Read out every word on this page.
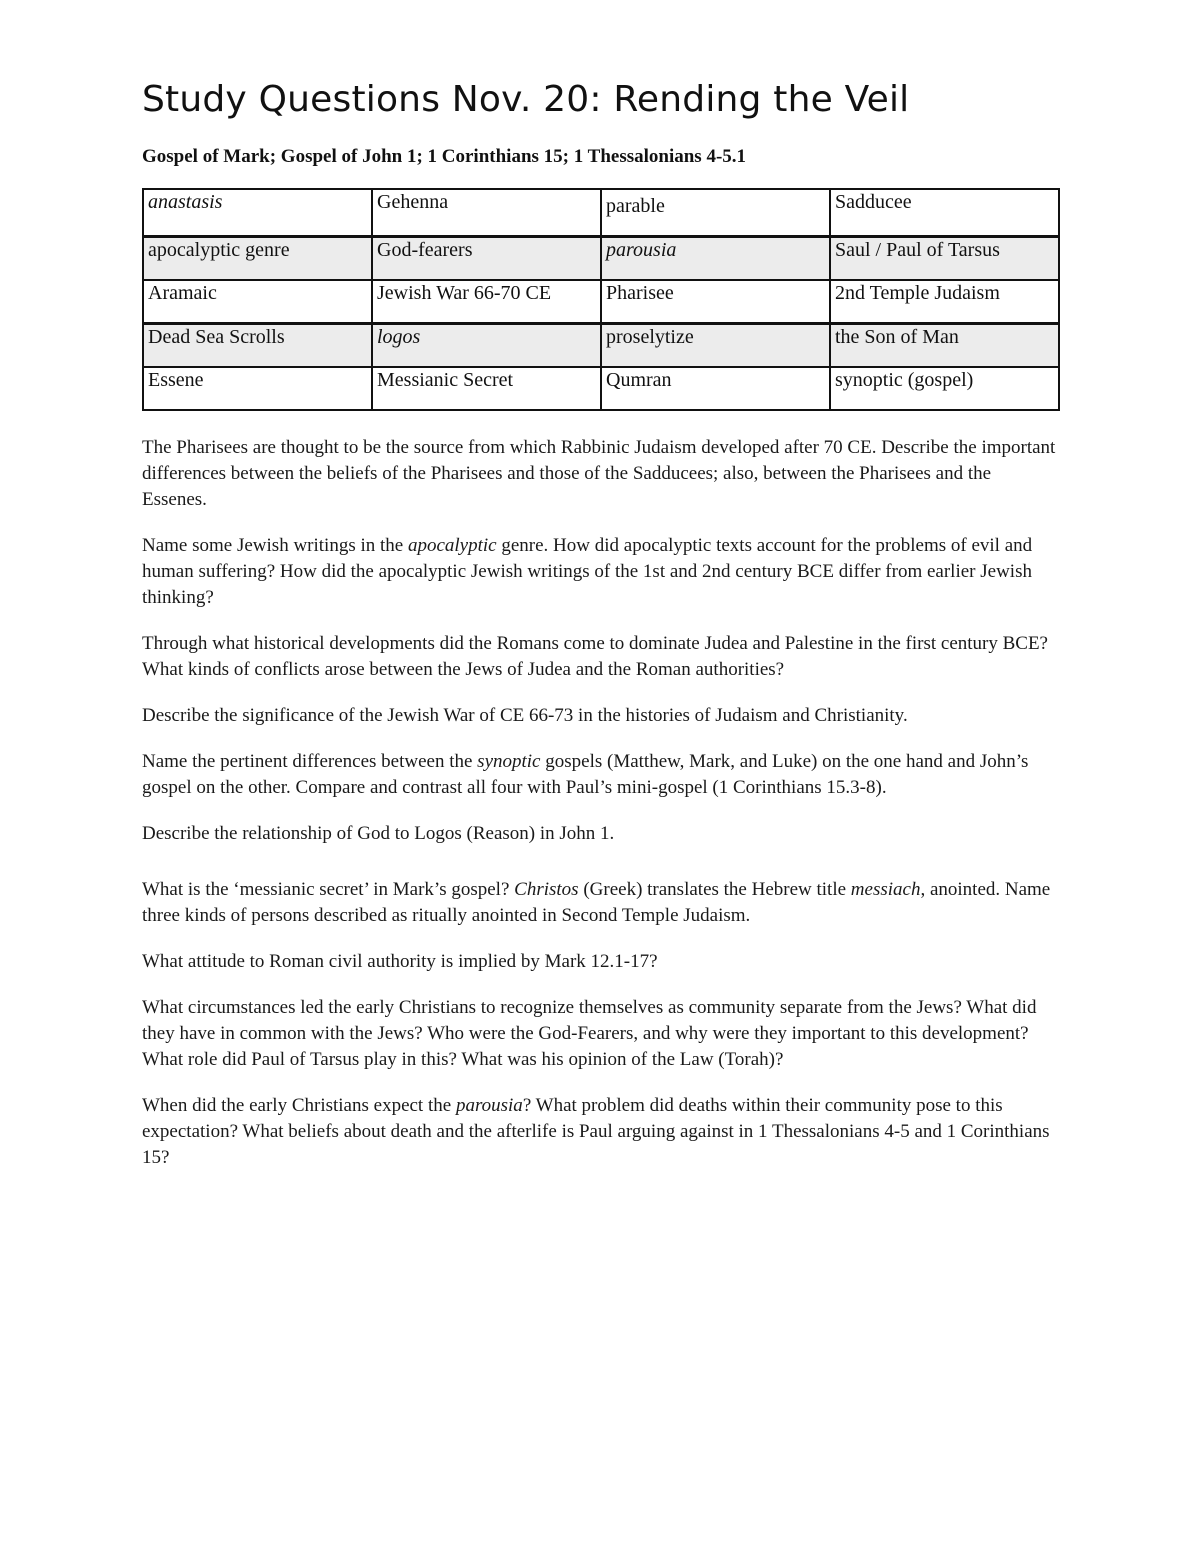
Study Questions Nov. 20: Rending the Veil
Gospel of Mark; Gospel of John 1; 1 Corinthians 15; 1 Thessalonians 4-5.1
anastasis	Gehenna	parable	Sadducee
apocalyptic genre	God-fearers	parousia	Saul / Paul of Tarsus
Aramaic	Jewish War 66-70 CE	Pharisee	2nd Temple Judaism
Dead Sea Scrolls	logos	proselytize	the Son of Man
Essene	Messianic Secret	Qumran	synoptic (gospel)

The Pharisees are thought to be the source from which Rabbinic Judaism developed after 70 CE. Describe the important differences between the beliefs of the Pharisees and those of the Sadducees; also, between the Pharisees and the Essenes.

Name some Jewish writings in the apocalyptic genre. How did apocalyptic texts account for the problems of evil and human suffering? How did the apocalyptic Jewish writings of the 1st and 2nd century BCE differ from earlier Jewish thinking?

Through what historical developments did the Romans come to dominate Judea and Palestine in the first century BCE? What kinds of conflicts arose between the Jews of Judea and the Roman authorities?

Describe the significance of the Jewish War of CE 66-73 in the histories of Judaism and Christianity.

Name the pertinent differences between the synoptic gospels (Matthew, Mark, and Luke) on the one hand and John’s gospel on the other. Compare and contrast all four with Paul’s mini-gospel (1 Corinthians 15.3-8).

Describe the relationship of God to Logos (Reason) in John 1.

What is the ‘messianic secret’ in Mark’s gospel? Christos (Greek) translates the Hebrew title messiach, anointed. Name three kinds of persons described as ritually anointed in Second Temple Judaism.

What attitude to Roman civil authority is implied by Mark 12.1-17?

What circumstances led the early Christians to recognize themselves as community separate from the Jews? What did they have in common with the Jews? Who were the God-Fearers, and why were they important to this development? What role did Paul of Tarsus play in this? What was his opinion of the Law (Torah)?

When did the early Christians expect the parousia? What problem did deaths within their community pose to this expectation? What beliefs about death and the afterlife is Paul arguing against in 1 Thessalonians 4-5 and 1 Corinthians 15?
